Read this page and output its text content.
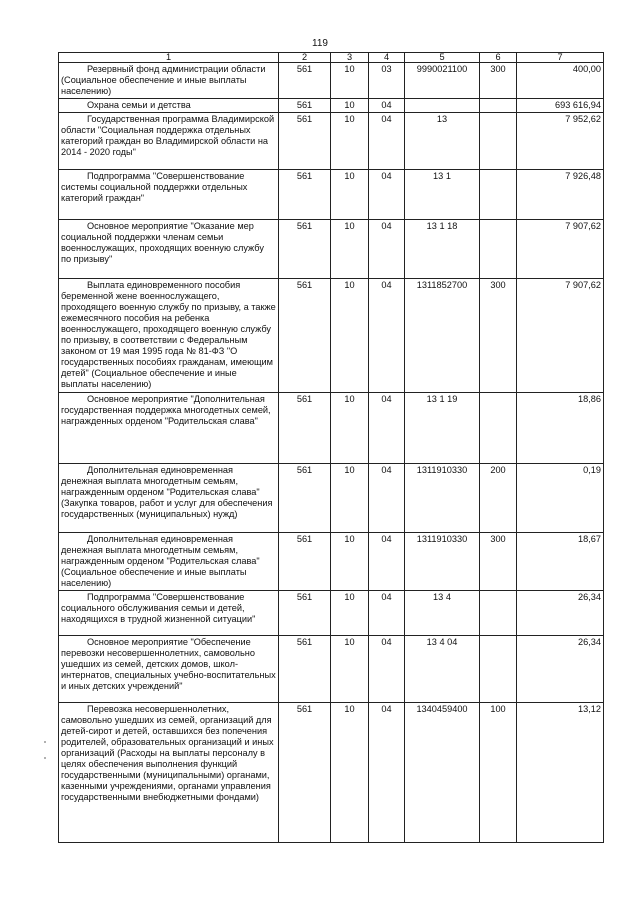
119
1	2	3	4	5	6	7
Резервный фонд администрации области (Социальное обеспечение и иные выплаты населению)	561	10	03	9990021100	300	400,00
Охрана семьи и детства	561	10	04			693 616,94
Государственная программа Владимирской области "Социальная поддержка отдельных категорий граждан во Владимирской области на 2014 - 2020 годы"	561	10	04	13		7 952,62
Подпрограмма "Совершенствование системы социальной поддержки отдельных категорий граждан"	561	10	04	13 1		7 926,48
Основное мероприятие "Оказание мер социальной поддержки членам семьи военнослужащих, проходящих военную службу по призыву"	561	10	04	13 1 18		7 907,62
Выплата единовременного пособия беременной жене военнослужащего, проходящего военную службу по призыву, а также ежемесячного пособия на ребенка военнослужащего, проходящего военную службу по призыву, в соответствии с Федеральным законом от 19 мая 1995 года № 81-ФЗ "О государственных пособиях гражданам, имеющим детей" (Социальное обеспечение и иные выплаты населению)	561	10	04	1311852700	300	7 907,62
Основное мероприятие "Дополнительная государственная поддержка многодетных семей, награжденных орденом "Родительская слава"	561	10	04	13 1 19		18,86
Дополнительная единовременная денежная выплата многодетным семьям, награжденным орденом "Родительская слава" (Закупка товаров, работ и услуг для обеспечения государственных (муниципальных) нужд)	561	10	04	1311910330	200	0,19
Дополнительная единовременная денежная выплата многодетным семьям, награжденным орденом "Родительская слава" (Социальное обеспечение и иные выплаты населению)	561	10	04	1311910330	300	18,67
Подпрограмма "Совершенствование социального обслуживания семьи и детей, находящихся в трудной жизненной ситуации"	561	10	04	13 4		26,34
Основное мероприятие "Обеспечение перевозки несовершеннолетних, самовольно ушедших из семей, детских домов, школ-интернатов, специальных учебно-воспитательных и иных детских учреждений"	561	10	04	13 4 04		26,34
Перевозка несовершеннолетних, самовольно ушедших из семей, организаций для детей-сирот и детей, оставшихся без попечения родителей, образовательных организаций и иных организаций (Расходы на выплаты персоналу в целях обеспечения выполнения функций государственными (муниципальными) органами, казенными учреждениями, органами управления государственными внебюджетными фондами)	561	10	04	1340459400	100	13,12
